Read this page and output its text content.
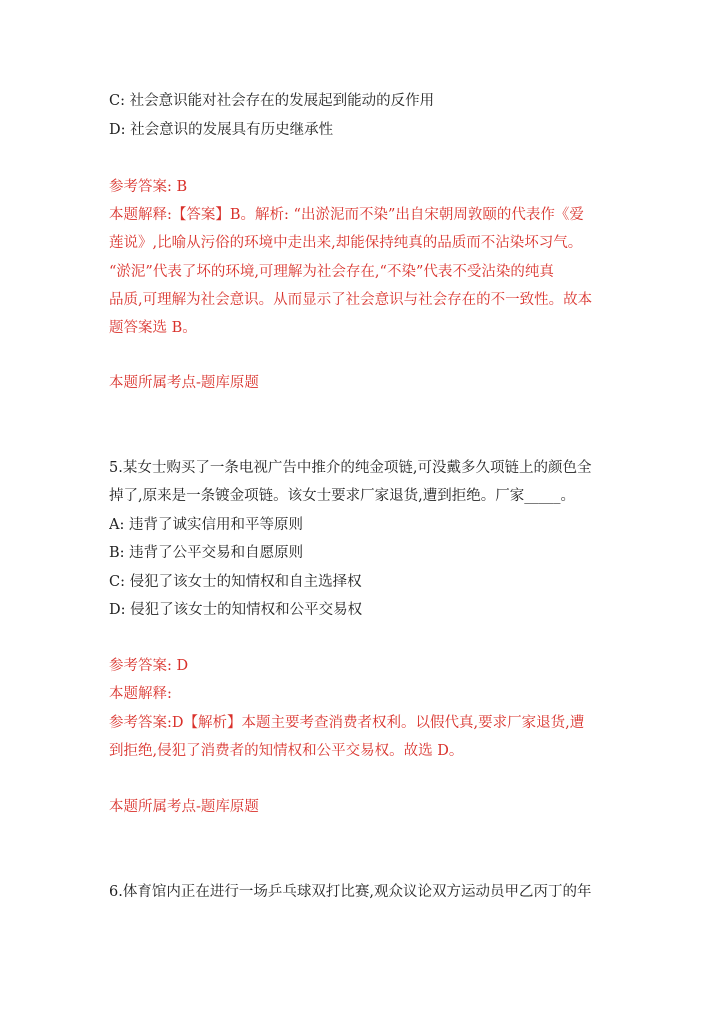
C: 社会意识能对社会存在的发展起到能动的反作用
D: 社会意识的发展具有历史继承性
参考答案: B
本题解释:【答案】B。解析: “出淤泥而不染”出自宋朝周敦颐的代表作《爱
莲说》,比喻从污俗的环境中走出来,却能保持纯真的品质而不沾染坏习气。
“淤泥”代表了坏的环境,可理解为社会存在,“不染”代表不受沾染的纯真
品质,可理解为社会意识。从而显示了社会意识与社会存在的不一致性。故本
题答案选 B。
本题所属考点-题库原题
5.某女士购买了一条电视广告中推介的纯金项链,可没戴多久项链上的颜色全
掉了,原来是一条镀金项链。该女士要求厂家退货,遭到拒绝。厂家_____。
A: 违背了诚实信用和平等原则
B: 违背了公平交易和自愿原则
C: 侵犯了该女士的知情权和自主选择权
D: 侵犯了该女士的知情权和公平交易权
参考答案: D
本题解释:
参考答案:D【解析】本题主要考查消费者权利。以假代真,要求厂家退货,遭
到拒绝,侵犯了消费者的知情权和公平交易权。故选 D。
本题所属考点-题库原题
6.体育馆内正在进行一场乒乓球双打比赛,观众议论双方运动员甲乙丙丁的年
